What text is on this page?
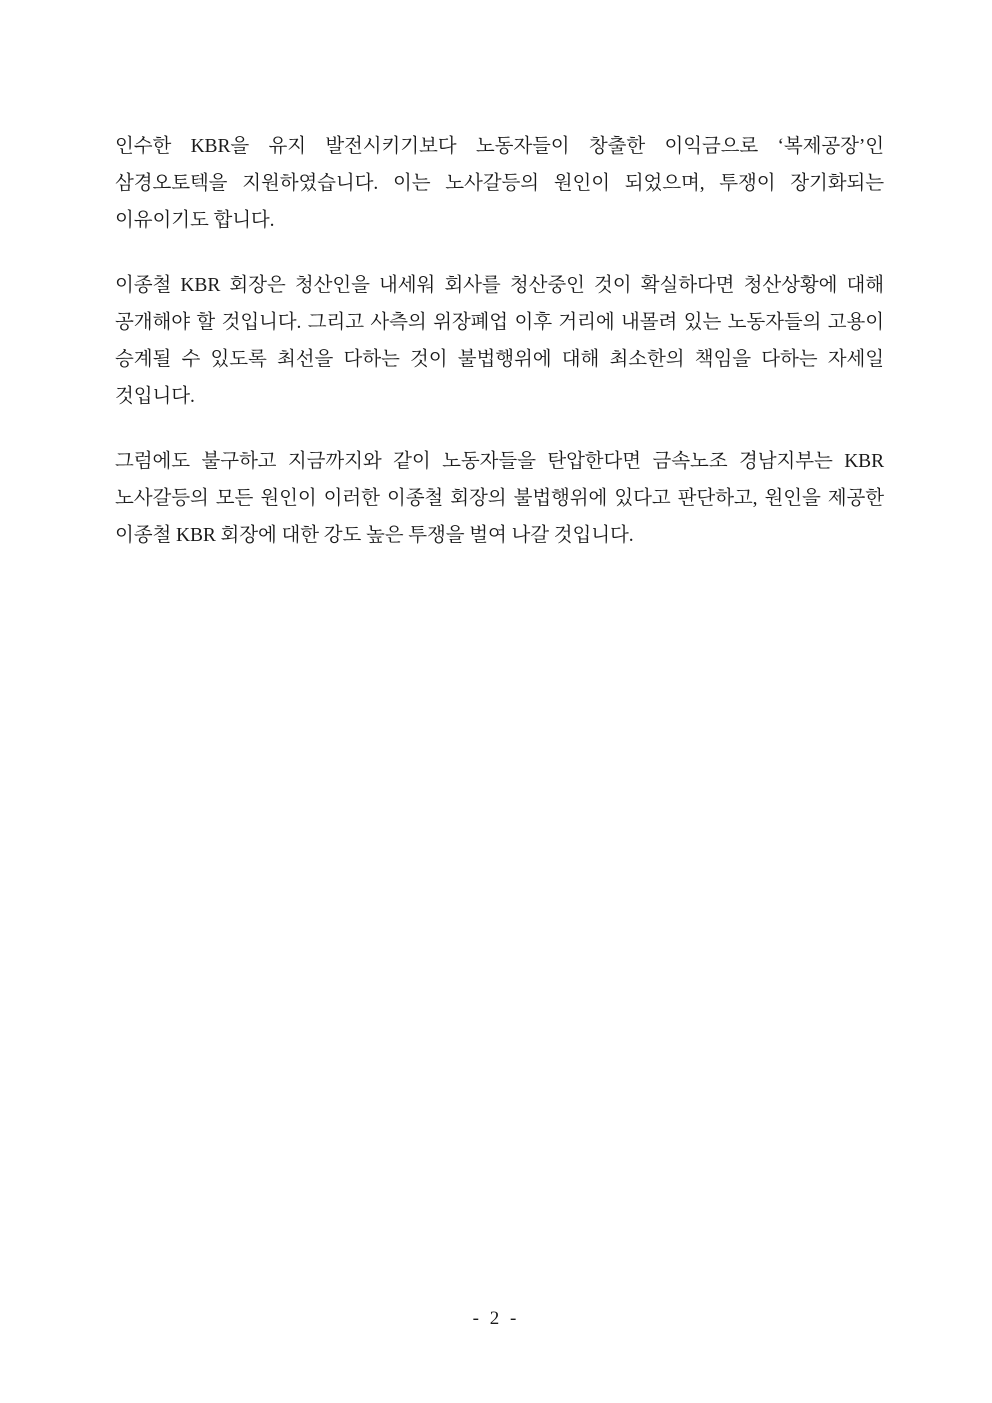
인수한 KBR을 유지 발전시키기보다 노동자들이 창출한 이익금으로 ‘복제공장’인 삼경오토텍을 지원하였습니다. 이는 노사갈등의 원인이 되었으며, 투쟁이 장기화되는 이유이기도 합니다.

이종철 KBR 회장은 청산인을 내세워 회사를 청산중인 것이 확실하다면 청산상황에 대해 공개해야 할 것입니다. 그리고 사측의 위장폐업 이후 거리에 내몰려 있는 노동자들의 고용이 승계될 수 있도록 최선을 다하는 것이 불법행위에 대해 최소한의 책임을 다하는 자세일 것입니다.

그럼에도 불구하고 지금까지와 같이 노동자들을 탄압한다면 금속노조 경남지부는 KBR 노사갈등의 모든 원인이 이러한 이종철 회장의 불법행위에 있다고 판단하고, 원인을 제공한 이종철 KBR 회장에 대한 강도 높은 투쟁을 벌여 나갈 것입니다.

- 2 -
